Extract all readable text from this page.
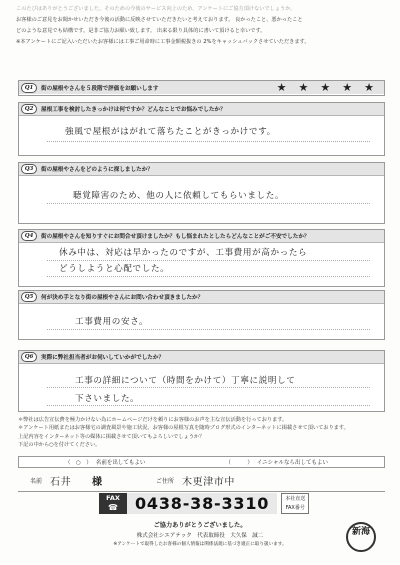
このたびはありがとうございました。そのための今後のサービス向上のため、アンケートにご協力頂けないでしょうか。
お客様のご意見をお聞かせいただき今後の活動に反映させていただきたいと考えております。 良かったこと、悪かったこと
どのような意見でも結構です。是非ご協力お願い致します。 出来る限り具体的に書いて頂けると幸いです。
※本アンケートにご記入いただいたお客様には工事ご用命時に工事金額税抜きの 2%をキャッシュバックさせていただきます。
Q1	街の屋根やさんを５段階で評価をお願いします	★ ★ ★ ★ ★
Q2	屋根工事を検討したきっかけは何ですか？どんなことでお悩みでしたか？
強風で屋根がはがれて落ちたことがきっかけです。
Q3	街の屋根やさんをどのように探しましたか？
聴覚障害のため、他の人に依頼してもらいました。
Q4	街の屋根やさんを知りすぐにお問合せ頂けましたか？もし悩まれたとしたらどんなことがご不安でしたか？
休み中は、対応は早かったのですが、工事費用が高かったら
どうしようと心配でした。
Q5	何が決め手となり街の屋根やさんにお問い合わせ頂きましたか？
工事費用の安さ。
Q6	実際に弊社担当者がお伺いしていかがでしたか？
工事の詳細について（時間をかけて）丁寧に説明して
下さいました。
＊弊社は広告宣伝費を極力かけない為にホームページだけを頼りにお客様のお声を主な宣伝活動を行っております。
＊アンケート用紙またはお客様宅の調査風景や施工状況、お客様の屋根写真を随時ブログ形式のインターネットに掲載させて頂いております。
上記内容をインターネット等の媒体に掲載させて頂いてもよろしいでしょうか？
下記の中から○を付けてください。
（　○　） 名前を出してもよい	（　　　） イニシャルなら出してもよい
名前 石井 様	ご住所 木更津市中
FAX
☎	0438-38-3310	本社直送FAX番号
ご協力ありがとうございました。
株式会社シエアテック　代表取締役　大久保　誠二
※アンケートで取得したお客様の個人情報は関係法規に基づき適正に取り扱います。
新海
